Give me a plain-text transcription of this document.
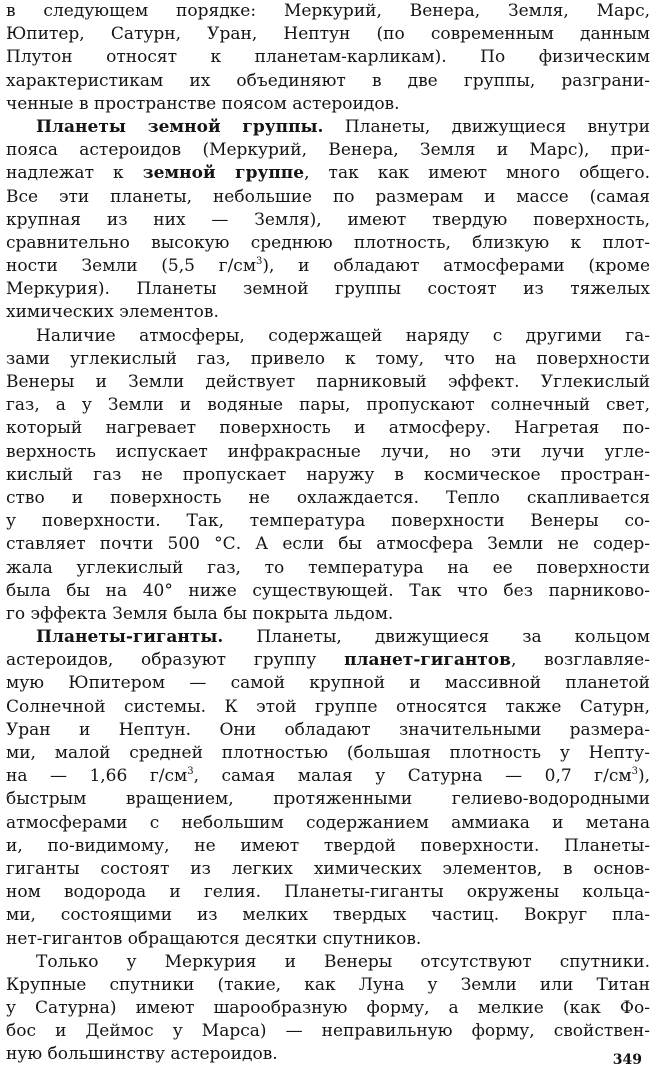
в следующем порядке: Меркурий, Венера, Земля, Марс,
Юпитер, Сатурн, Уран, Нептун (по современным данным
Плутон относят к планетам-карликам). По физическим
характеристикам их объединяют в две группы, разграни-
ченные в пространстве поясом астероидов.
Планеты земной группы. Планеты, движущиеся внутри
пояса астероидов (Меркурий, Венера, Земля и Марс), при-
надлежат к земной группе, так как имеют много общего.
Все эти планеты, небольшие по размерам и массе (самая
крупная из них — Земля), имеют твердую поверхность,
сравнительно высокую среднюю плотность, близкую к плот-
ности Земли (5,5 $г/см^3$), и обладают атмосферами (кроме
Меркурия). Планеты земной группы состоят из тяжелых
химических элементов.
Наличие атмосферы, содержащей наряду с другими га-
зами углекислый газ, привело к тому, что на поверхности
Венеры и Земли действует парниковый эффект. Углекислый
газ, а у Земли и водяные пары, пропускают солнечный свет,
который нагревает поверхность и атмосферу. Нагретая по-
верхность испускает инфракрасные лучи, но эти лучи угле-
кислый газ не пропускает наружу в космическое простран-
ство и поверхность не охлаждается. Тепло скапливается
у поверхности. Так, температура поверхности Венеры со-
ставляет почти 500 °С. А если бы атмосфера Земли не содер-
жала углекислый газ, то температура на ее поверхности
была бы на 40° ниже существующей. Так что без парниково-
го эффекта Земля была бы покрыта льдом.
Планеты-гиганты. Планеты, движущиеся за кольцом
астероидов, образуют группу планет-гигантов, возглавляе-
мую Юпитером — самой крупной и массивной планетой
Солнечной системы. К этой группе относятся также Сатурн,
Уран и Нептун. Они обладают значительными размера-
ми, малой средней плотностью (большая плотность у Непту-
на — 1,66 $г/см^3$, самая малая у Сатурна — 0,7 $г/см^3$),
быстрым вращением, протяженными гелиево-водородными
атмосферами с небольшим содержанием аммиака и метана
и, по-видимому, не имеют твердой поверхности. Планеты-
гиганты состоят из легких химических элементов, в основ-
ном водорода и гелия. Планеты-гиганты окружены кольца-
ми, состоящими из мелких твердых частиц. Вокруг пла-
нет-гигантов обращаются десятки спутников.
Только у Меркурия и Венеры отсутствуют спутники.
Крупные спутники (такие, как Луна у Земли или Титан
у Сатурна) имеют шарообразную форму, а мелкие (как Фо-
бос и Деймос у Марса) — неправильную форму, свойствен-
ную большинству астероидов.	349
